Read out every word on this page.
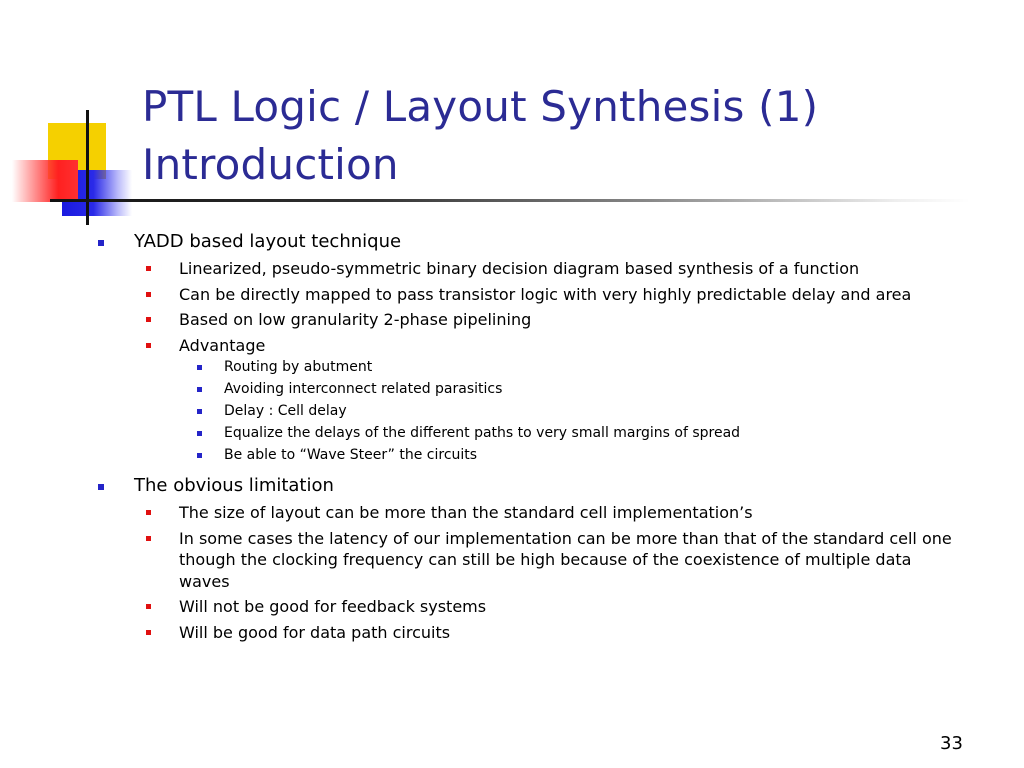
PTL Logic / Layout Synthesis (1)
Introduction
YADD based layout technique
Linearized, pseudo-symmetric binary decision diagram based synthesis of a function
Can be directly mapped to pass transistor logic with very highly predictable delay and area
Based on low granularity 2-phase pipelining
Advantage
Routing by abutment
Avoiding interconnect related parasitics
Delay : Cell delay
Equalize the delays of the different paths to very small margins of spread
Be able to “Wave Steer” the circuits
The obvious limitation
The size of layout can be more than the standard cell implementation’s
In some cases the latency of our implementation can be more than that of the standard cell one though the clocking frequency can still be high because of the coexistence of multiple data waves
Will not be good for feedback systems
Will be good for data path circuits
33
